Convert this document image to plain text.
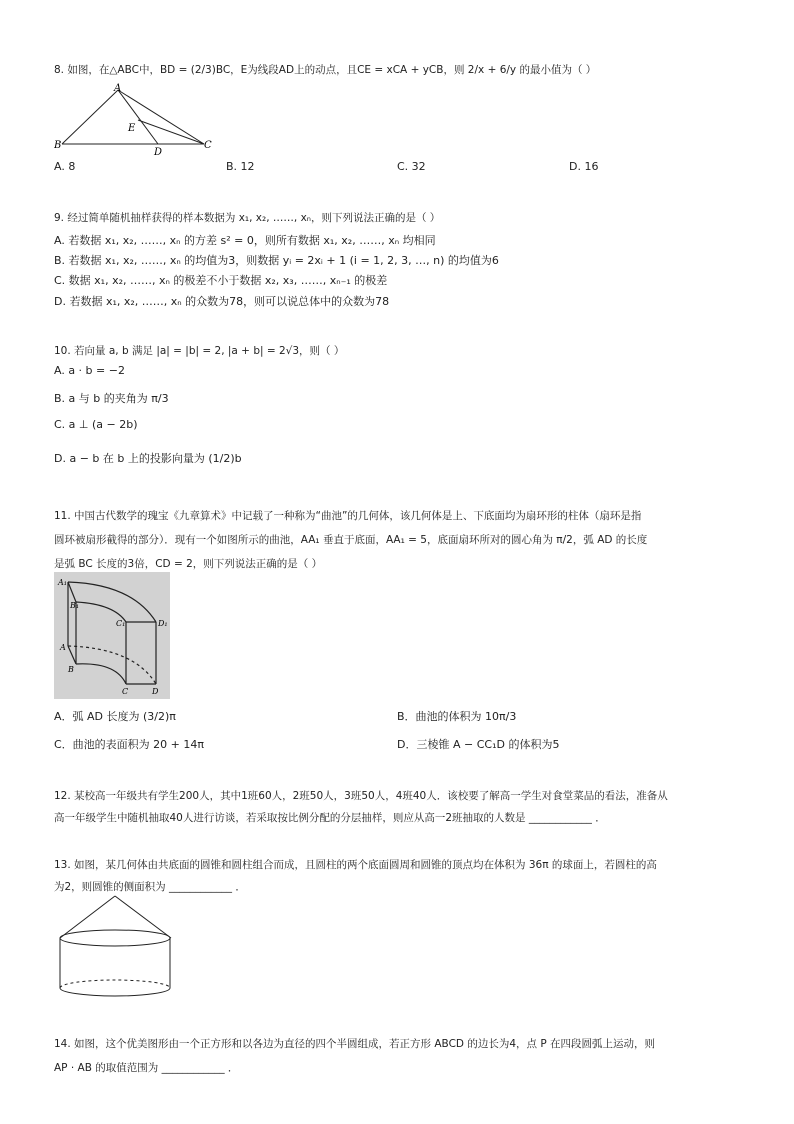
8. 如图，在△ABC中，BD = (2/3)BC，E为线段AD上的动点，且CE = xCA + yCB，则 2/x + 6/y 的最小值为（ ）
A
B	C
D
E
A. 8	B. 12	C. 32	D. 16
9. 经过简单随机抽样获得的样本数据为 x₁, x₂, ……, xₙ，则下列说法正确的是（ ）
A. 若数据 x₁, x₂, ……, xₙ 的方差 s² = 0，则所有数据 x₁, x₂, ……, xₙ 均相同
B. 若数据 x₁, x₂, ……, xₙ 的均值为3，则数据 yᵢ = 2xᵢ + 1 (i = 1, 2, 3, …, n) 的均值为6
C. 数据 x₁, x₂, ……, xₙ 的极差不小于数据 x₂, x₃, ……, xₙ₋₁ 的极差
D. 若数据 x₁, x₂, ……, xₙ 的众数为78，则可以说总体中的众数为78
10. 若向量 a, b 满足 |a| = |b| = 2, |a + b| = 2√3，则（ ）
A. a · b = −2
B. a 与 b 的夹角为 π/3
C. a ⊥ (a − 2b)
D. a − b 在 b 上的投影向量为 (1/2)b
11. 中国古代数学的瑰宝《九章算术》中记载了一种称为“曲池”的几何体，该几何体是上、下底面均为扇环形的柱体（扇环是指
圆环被扇形截得的部分）．现有一个如图所示的曲池，AA₁ 垂直于底面，AA₁ = 5，底面扇环所对的圆心角为 π/2，弧 AD 的长度
是弧 BC 长度的3倍，CD = 2，则下列说法正确的是（ ）
A₁
B₁
C₁	D₁
A
B
C	D
A．弧 AD 长度为 (3/2)π	B．曲池的体积为 10π/3
C．曲池的表面积为 20 + 14π	D．三棱锥 A − CC₁D 的体积为5
12. 某校高一年级共有学生200人，其中1班60人，2班50人，3班50人，4班40人．该校要了解高一学生对食堂菜品的看法，准备从
高一年级学生中随机抽取40人进行访谈，若采取按比例分配的分层抽样，则应从高一2班抽取的人数是 ____________ ．
13. 如图，某几何体由共底面的圆锥和圆柱组合而成，且圆柱的两个底面圆周和圆锥的顶点均在体积为 36π 的球面上，若圆柱的高
为2，则圆锥的侧面积为 ____________ ．
14. 如图，这个优美图形由一个正方形和以各边为直径的四个半圆组成，若正方形 ABCD 的边长为4，点 P 在四段圆弧上运动，则
AP · AB 的取值范围为 ____________ ．
